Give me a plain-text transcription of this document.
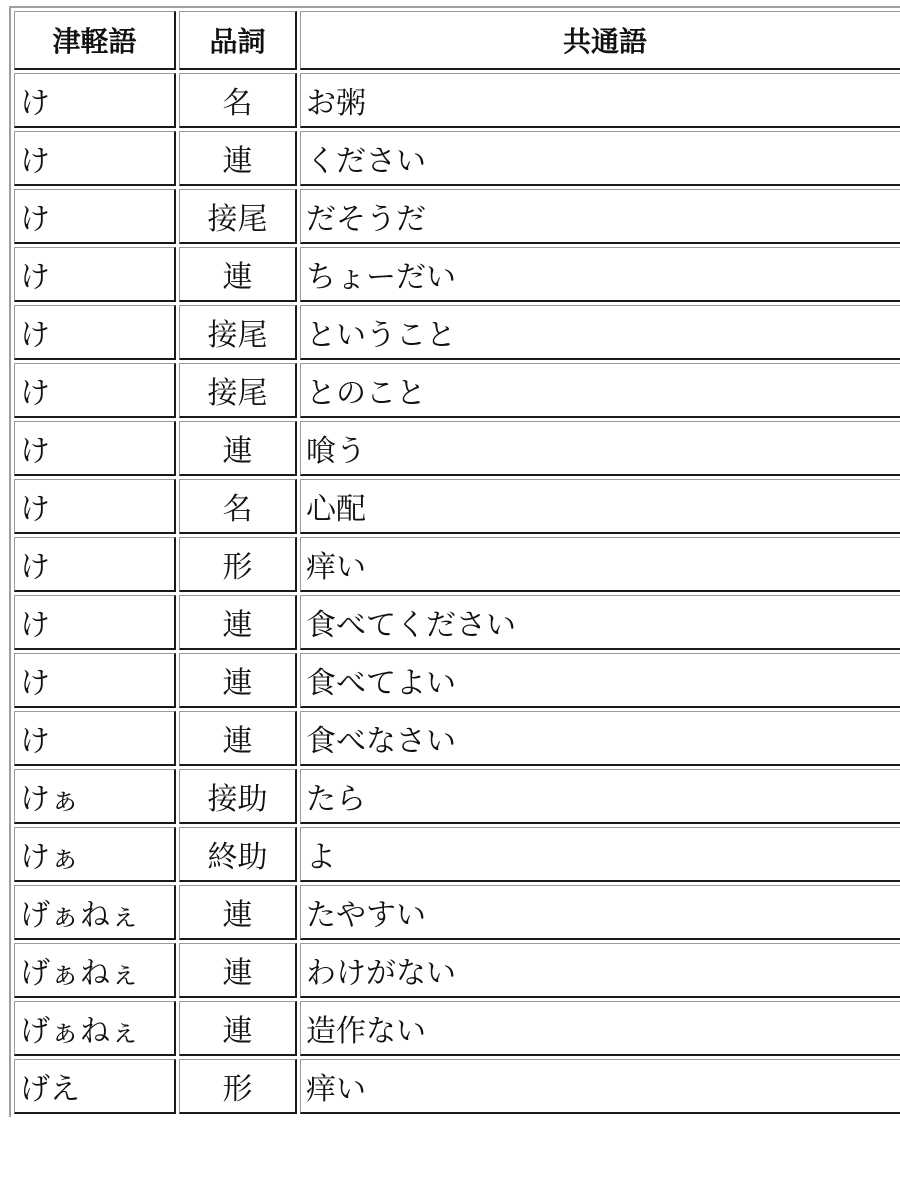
津軽語	品詞	共通語
け	名	お粥
け	連	ください
け	接尾	だそうだ
け	連	ちょーだい
け	接尾	ということ
け	接尾	とのこと
け	連	喰う
け	名	心配
け	形	痒い
け	連	食べてください
け	連	食べてよい
け	連	食べなさい
けぁ	接助	たら
けぁ	終助	よ
げぁねぇ	連	たやすい
げぁねぇ	連	わけがない
げぁねぇ	連	造作ない
げえ	形	痒い
